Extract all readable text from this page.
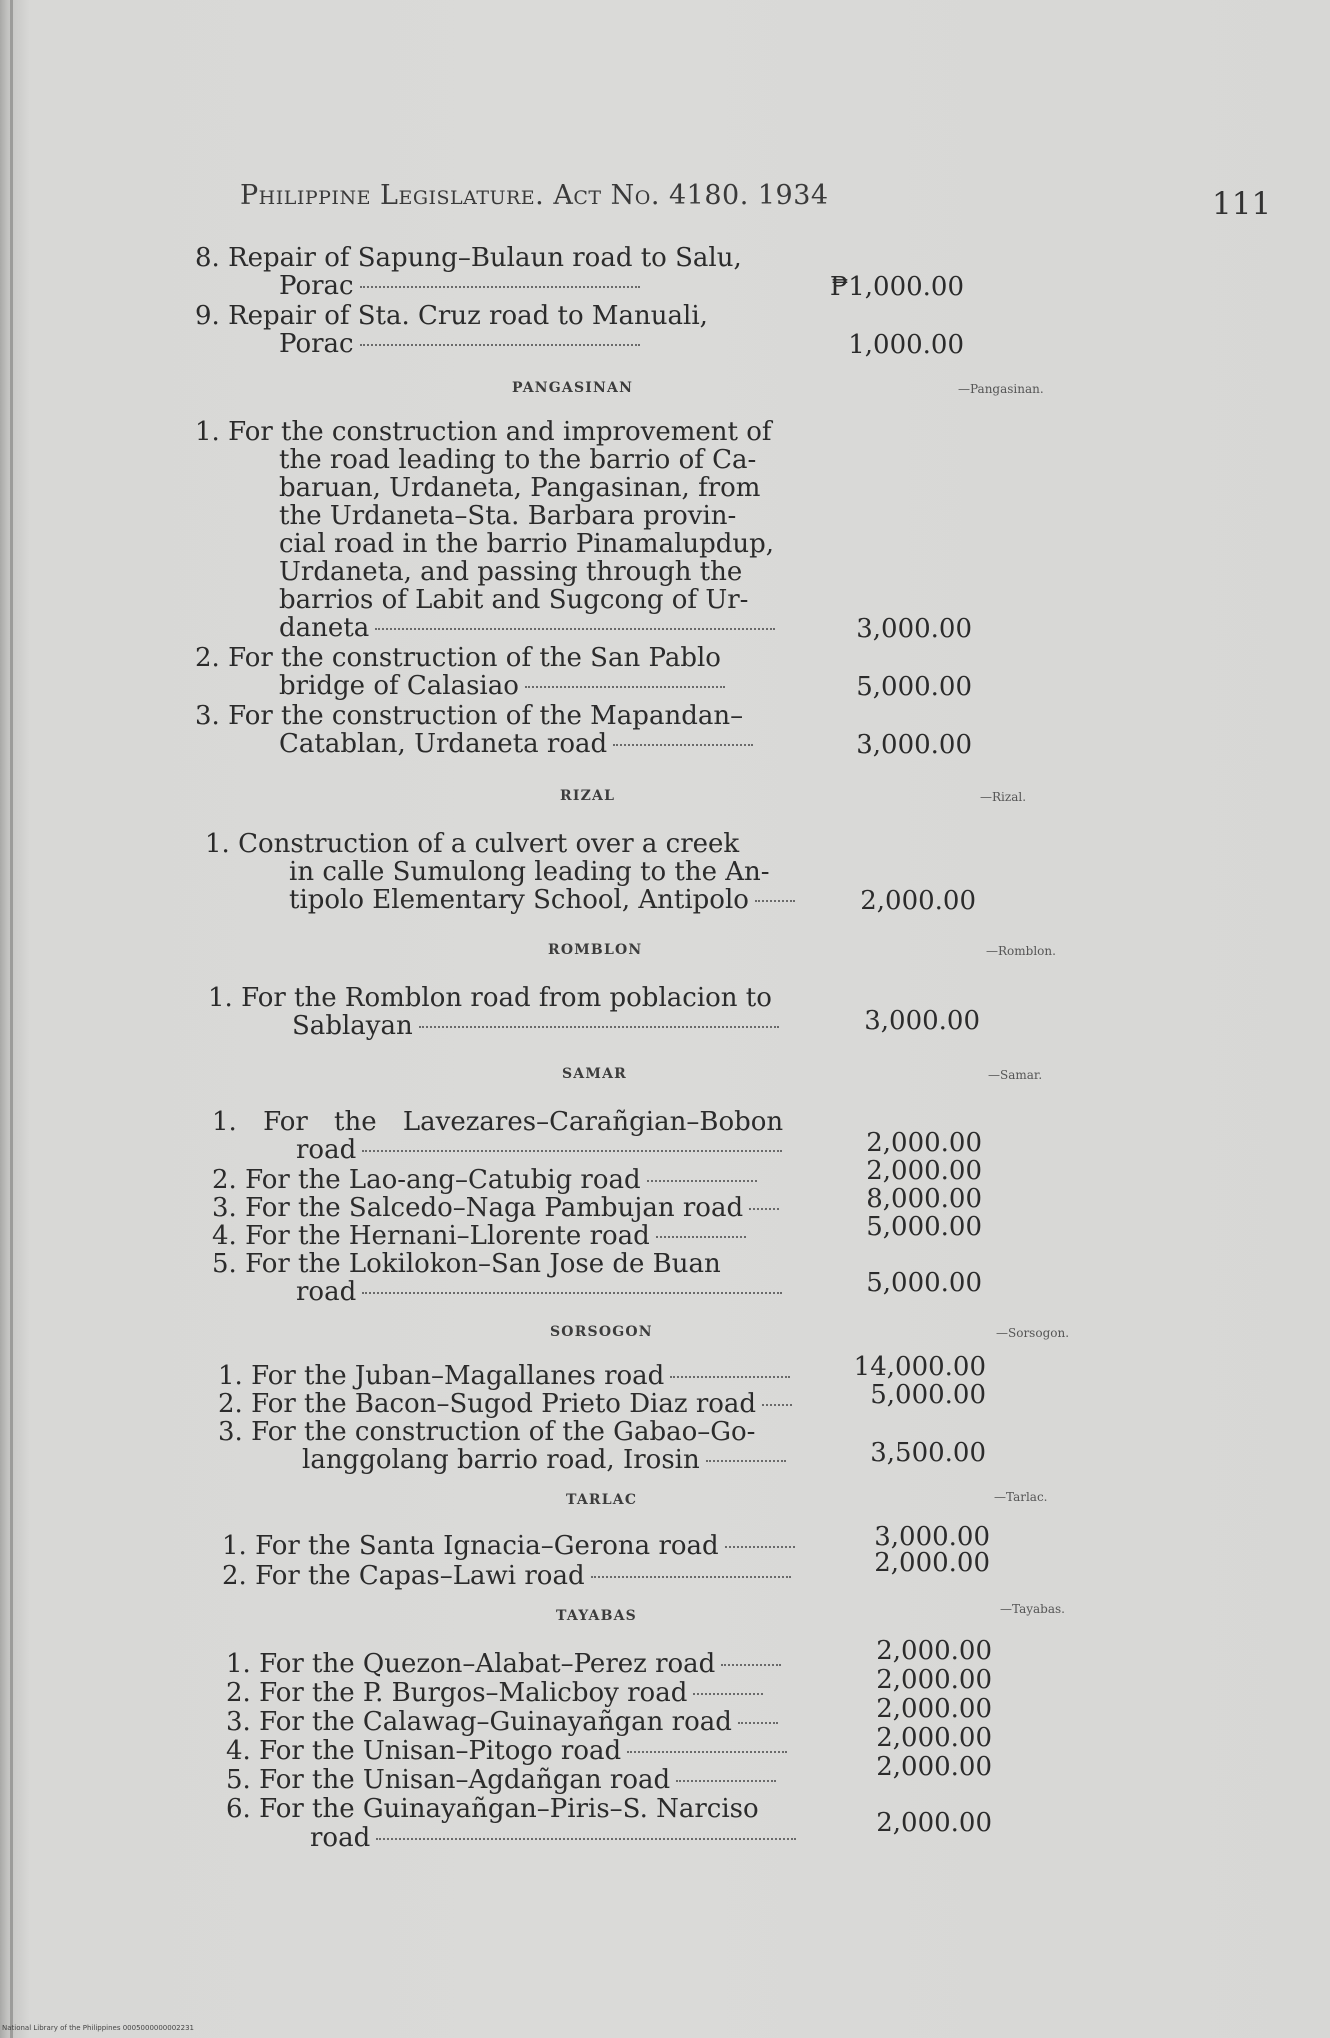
Philippine Legislature. Act No. 4180. 1934	111
8. Repair of Sapung–Bulaun road to Salu,
Porac	₱1,000.00
9. Repair of Sta. Cruz road to Manuali,
Porac	1,000.00
PANGASINAN	—Pangasinan.
1. For the construction and improvement of
the road leading to the barrio of Ca-
baruan, Urdaneta, Pangasinan, from
the Urdaneta–Sta. Barbara provin-
cial road in the barrio Pinamalupdup,
Urdaneta, and passing through the
barrios of Labit and Sugcong of Ur-
daneta	3,000.00
2. For the construction of the San Pablo
bridge of Calasiao	5,000.00
3. For the construction of the Mapandan–
Catablan, Urdaneta road	3,000.00
RIZAL	—Rizal.
1. Construction of a culvert over a creek
in calle Sumulong leading to the An-
tipolo Elementary School, Antipolo	2,000.00
ROMBLON	—Romblon.
1. For the Romblon road from poblacion to
Sablayan	3,000.00
SAMAR	—Samar.
1. For the Lavezares–Carañgian–Bobon
road	2,000.00
2. For the Lao-ang–Catubig road	2,000.00
3. For the Salcedo–Naga Pambujan road	8,000.00
4. For the Hernani–Llorente road	5,000.00
5. For the Lokilokon–San Jose de Buan
road	5,000.00
SORSOGON	—Sorsogon.
1. For the Juban–Magallanes road	14,000.00
2. For the Bacon–Sugod Prieto Diaz road	5,000.00
3. For the construction of the Gabao–Go-
langgolang barrio road, Irosin	3,500.00
TARLAC	—Tarlac.
1. For the Santa Ignacia–Gerona road	3,000.00
2. For the Capas–Lawi road	2,000.00
TAYABAS	—Tayabas.
1. For the Quezon–Alabat–Perez road	2,000.00
2. For the P. Burgos–Malicboy road	2,000.00
3. For the Calawag–Guinayañgan road	2,000.00
4. For the Unisan–Pitogo road	2,000.00
5. For the Unisan–Agdañgan road	2,000.00
6. For the Guinayañgan–Piris–S. Narciso
road	2,000.00
National Library of the Philippines 0005000000002231
